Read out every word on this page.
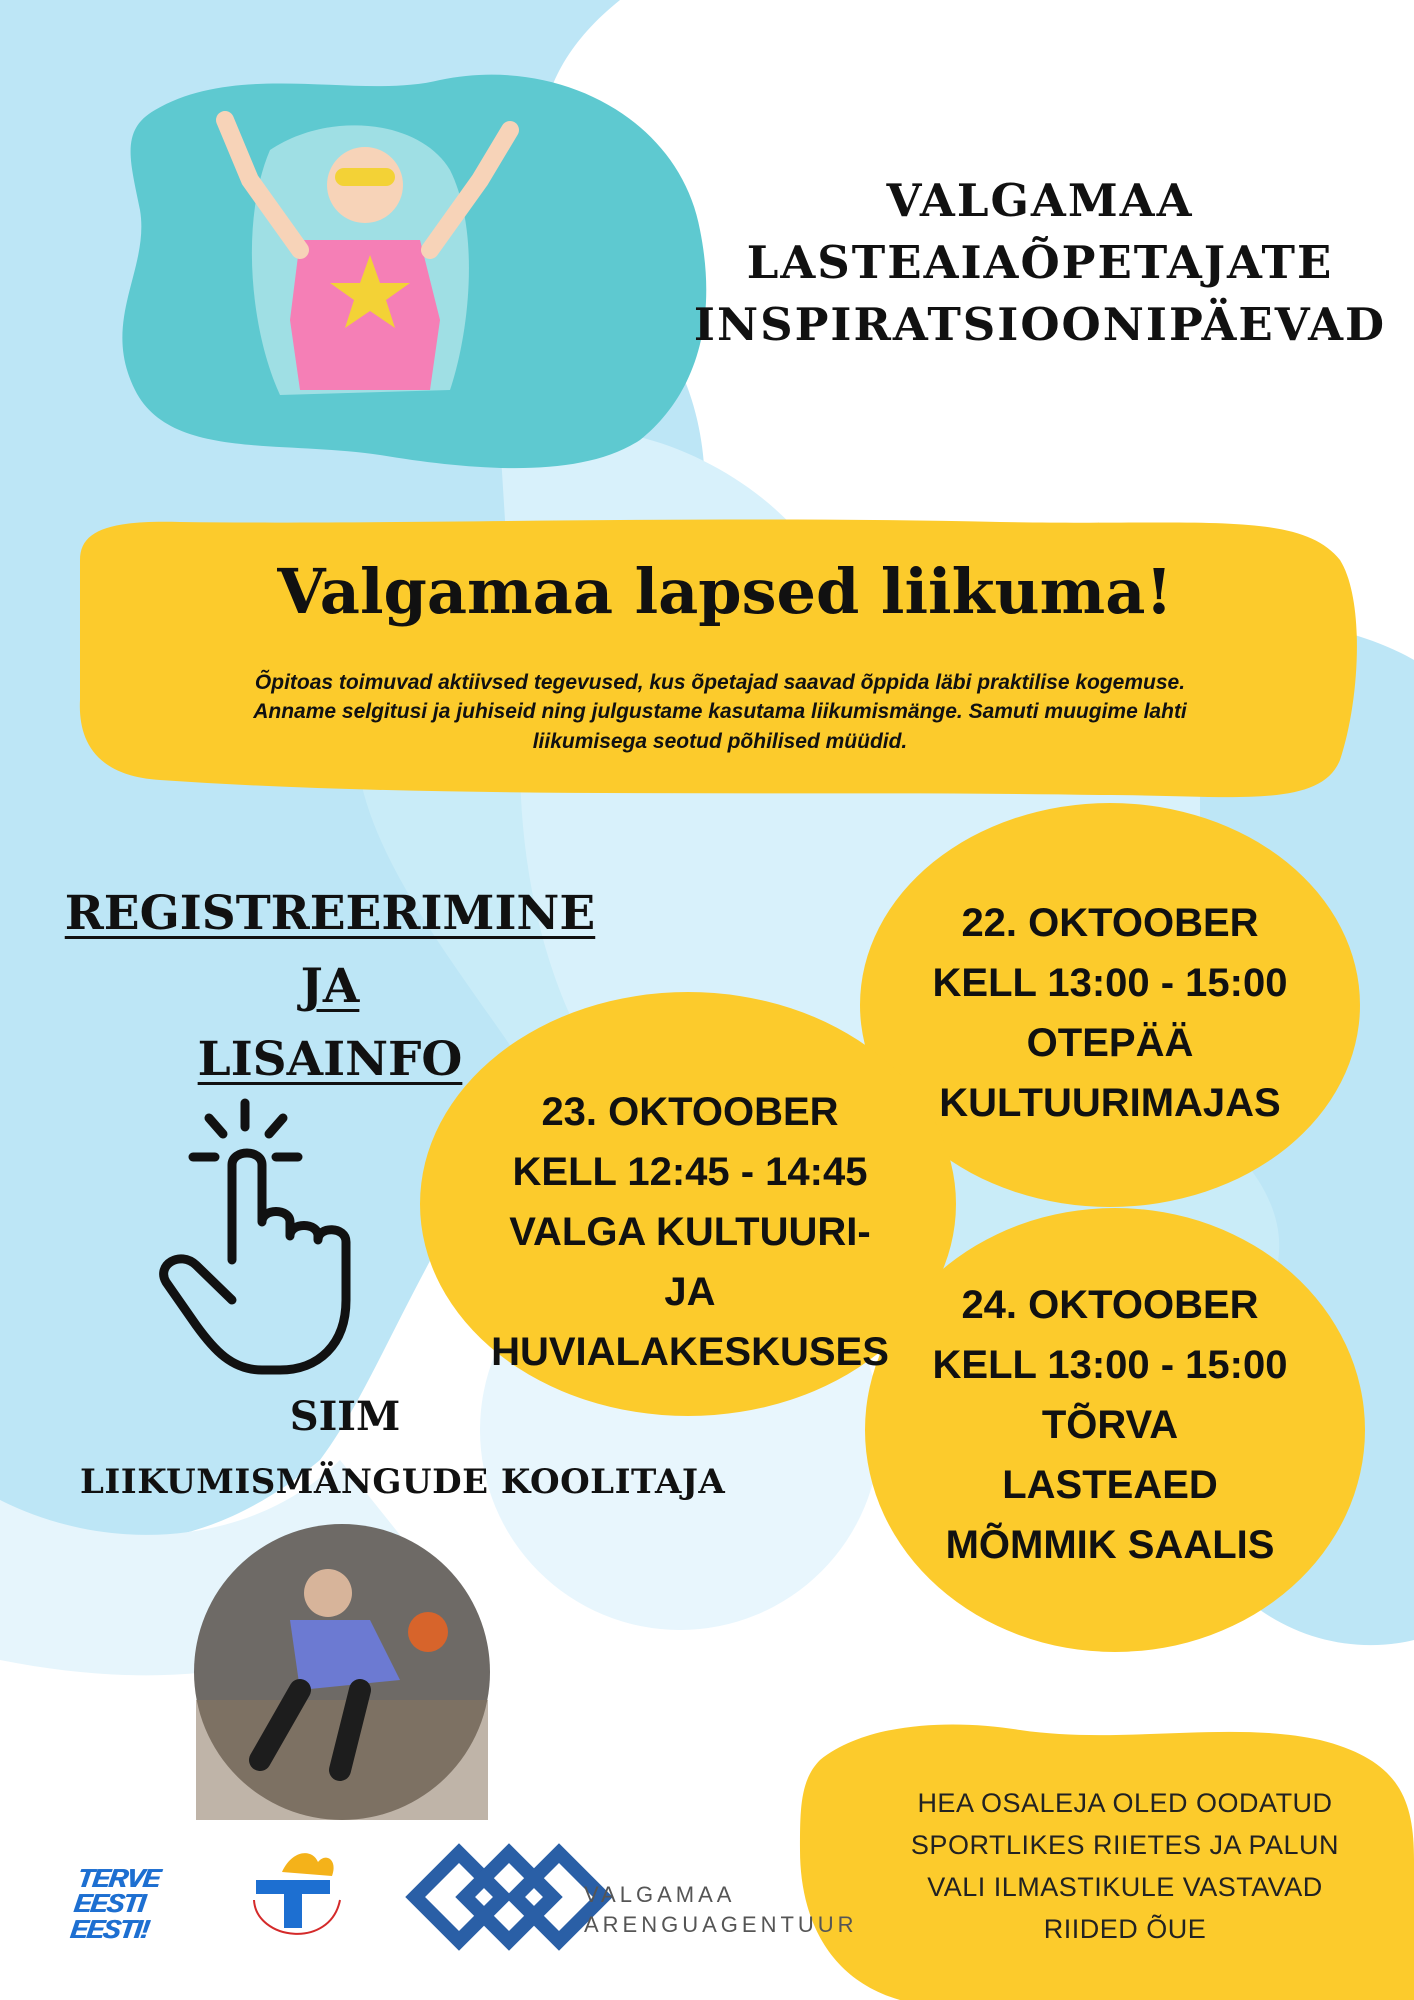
VALGAMAA
LASTEAIAÕPETAJATE
INSPIRATSIOONIPÄEVAD
Valgamaa lapsed liikuma!
Õpitoas toimuvad aktiivsed tegevused, kus õpetajad saavad õppida läbi praktilise kogemuse.
Anname selgitusi ja juhiseid ning julgustame kasutama liikumismänge. Samuti muugime lahti
liikumisega seotud põhilised müüdid.
REGISTREERIMINE
JA
LISAINFO
22. OKTOOBER
KELL 13:00 - 15:00
OTEPÄÄ
KULTUURIMAJAS
23. OKTOOBER
KELL 12:45 - 14:45
VALGA KULTUURI-
JA
HUVIALAKESKUSES
24. OKTOOBER
KELL 13:00 - 15:00
TÕRVA
LASTEAED
MÕMMIK SAALIS
SIIM
LIIKUMISMÄNGUDE KOOLITAJA
HEA OSALEJA OLED OODATUD
SPORTLIKES RIIETES JA PALUN
VALI ILMASTIKULE VASTAVAD
RIIDED ÕUE
TERVE
EESTI
EESTI!
VALGAMAA
ARENGUAGENTUUR
